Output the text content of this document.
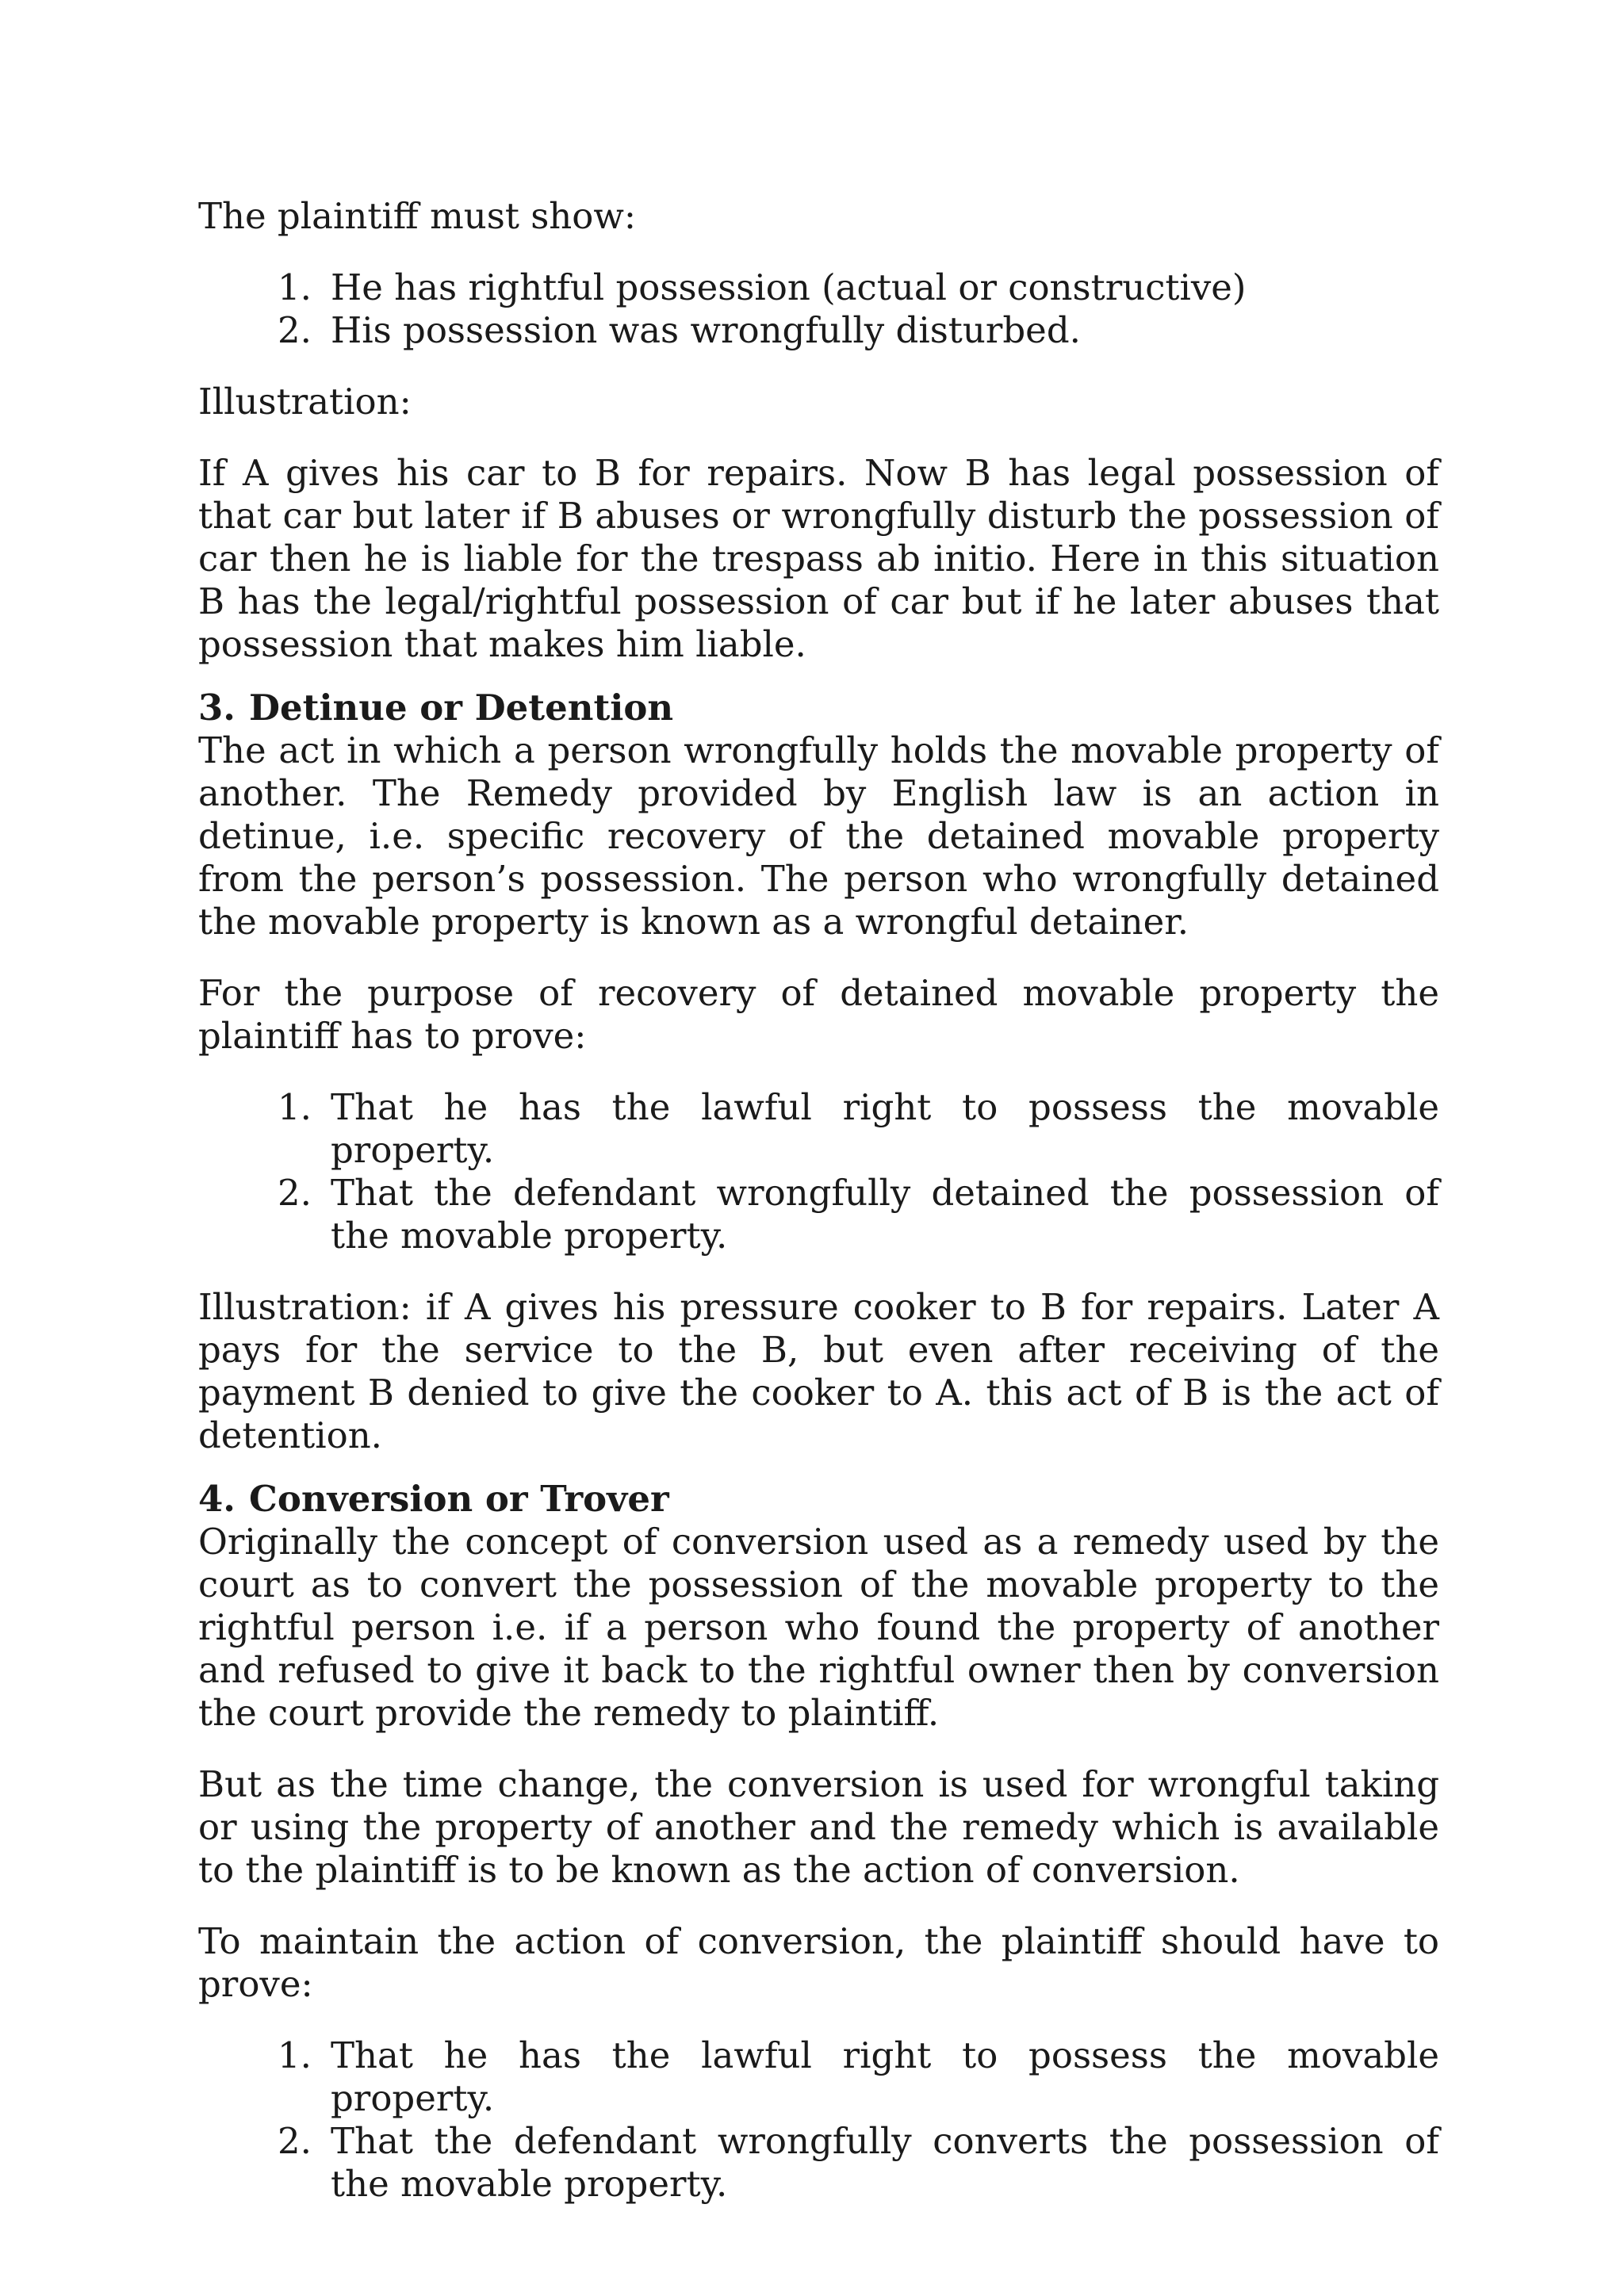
The plaintiff must show:

1. He has rightful possession (actual or constructive)
2. His possession was wrongfully disturbed.

Illustration:

If A gives his car to B for repairs. Now B has legal possession of that car but later if B abuses or wrongfully disturb the possession of car then he is liable for the trespass ab initio. Here in this situation B has the legal/rightful possession of car but if he later abuses that possession that makes him liable.

3. Detinue or Detention

The act in which a person wrongfully holds the movable property of another. The Remedy provided by English law is an action in detinue, i.e. specific recovery of the detained movable property from the person’s possession. The person who wrongfully detained the movable property is known as a wrongful detainer.

For the purpose of recovery of detained movable property the plaintiff has to prove:

1. That he has the lawful right to possess the movable property.
2. That the defendant wrongfully detained the possession of the movable property.

Illustration: if A gives his pressure cooker to B for repairs. Later A pays for the service to the B, but even after receiving of the payment B denied to give the cooker to A. this act of B is the act of detention.

4. Conversion or Trover

Originally the concept of conversion used as a remedy used by the court as to convert the possession of the movable property to the rightful person i.e. if a person who found the property of another and refused to give it back to the rightful owner then by conversion the court provide the remedy to plaintiff.

But as the time change, the conversion is used for wrongful taking or using the property of another and the remedy which is available to the plaintiff is to be known as the action of conversion.

To maintain the action of conversion, the plaintiff should have to prove:

1. That he has the lawful right to possess the movable property.
2. That the defendant wrongfully converts the possession of the movable property.
